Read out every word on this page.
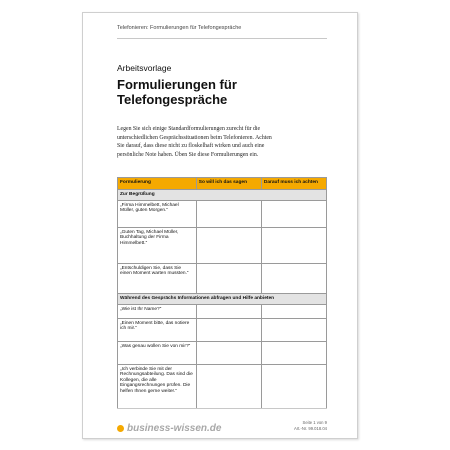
Telefonieren: Formulierungen für Telefongespräche
Arbeitsvorlage
Formulierungen für Telefongespräche
Legen Sie sich einige Standardformulierungen zurecht für die unterschiedlichen Gesprächssituationen beim Telefonieren. Achten Sie darauf, dass diese nicht zu floskelhaft wirken und auch eine persönliche Note haben. Üben Sie diese Formulierungen ein.
Formulierung	So will ich das sagen	Darauf muss ich achten
Zur Begrüßung		
„Firma Himmelbett, Michael Müller, guten Morgen.“		
„Guten Tag, Michael Müller, Buchhaltung der Firma Himmelbett.“		
„Entschuldigen Sie, dass Sie einen Moment warten mussten.“		
Während des Gesprächs Informationen abfragen und Hilfe anbieten		
„Wie ist Ihr Name?“		
„Einen Moment bitte, das notiere ich mir.“		
„Was genau wollen Sie von mir?“		
„Ich verbinde Sie mit der Rechnungsabteilung. Das sind die Kollegen, die alle Eingangsrechnungen prüfen. Die helfen Ihnen gerne weiter.“		
business-wissen.de
Seite 1 von 9
Art.-Nr. 99.018.04
